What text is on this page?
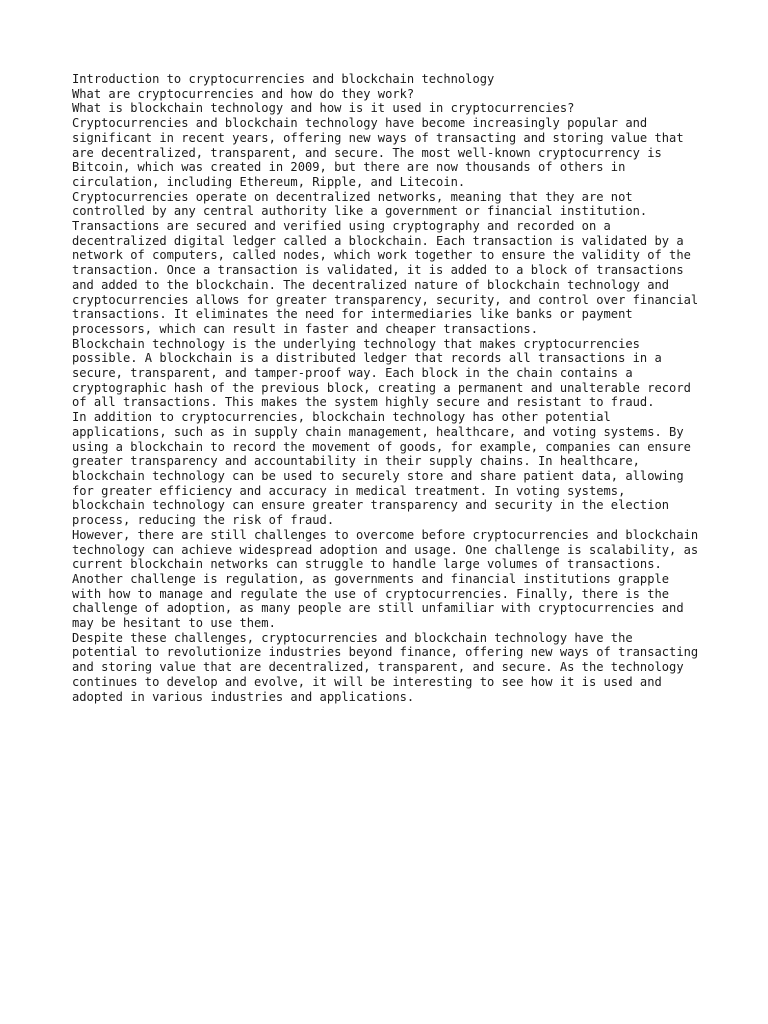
Introduction to cryptocurrencies and blockchain technology

What are cryptocurrencies and how do they work?

What is blockchain technology and how is it used in cryptocurrencies?

Cryptocurrencies and blockchain technology have become increasingly popular and significant in recent years, offering new ways of transacting and storing value that are decentralized, transparent, and secure. The most well-known cryptocurrency is Bitcoin, which was created in 2009, but there are now thousands of others in circulation, including Ethereum, Ripple, and Litecoin.

Cryptocurrencies operate on decentralized networks, meaning that they are not controlled by any central authority like a government or financial institution. Transactions are secured and verified using cryptography and recorded on a decentralized digital ledger called a blockchain. Each transaction is validated by a network of computers, called nodes, which work together to ensure the validity of the transaction. Once a transaction is validated, it is added to a block of transactions and added to the blockchain. The decentralized nature of blockchain technology and cryptocurrencies allows for greater transparency, security, and control over financial transactions. It eliminates the need for intermediaries like banks or payment processors, which can result in faster and cheaper transactions.

Blockchain technology is the underlying technology that makes cryptocurrencies possible. A blockchain is a distributed ledger that records all transactions in a secure, transparent, and tamper-proof way. Each block in the chain contains a cryptographic hash of the previous block, creating a permanent and unalterable record of all transactions. This makes the system highly secure and resistant to fraud.

In addition to cryptocurrencies, blockchain technology has other potential applications, such as in supply chain management, healthcare, and voting systems. By using a blockchain to record the movement of goods, for example, companies can ensure greater transparency and accountability in their supply chains. In healthcare, blockchain technology can be used to securely store and share patient data, allowing for greater efficiency and accuracy in medical treatment. In voting systems, blockchain technology can ensure greater transparency and security in the election process, reducing the risk of fraud.

However, there are still challenges to overcome before cryptocurrencies and blockchain technology can achieve widespread adoption and usage. One challenge is scalability, as current blockchain networks can struggle to handle large volumes of transactions. Another challenge is regulation, as governments and financial institutions grapple with how to manage and regulate the use of cryptocurrencies. Finally, there is the challenge of adoption, as many people are still unfamiliar with cryptocurrencies and may be hesitant to use them.

Despite these challenges, cryptocurrencies and blockchain technology have the potential to revolutionize industries beyond finance, offering new ways of transacting and storing value that are decentralized, transparent, and secure. As the technology continues to develop and evolve, it will be interesting to see how it is used and adopted in various industries and applications.
